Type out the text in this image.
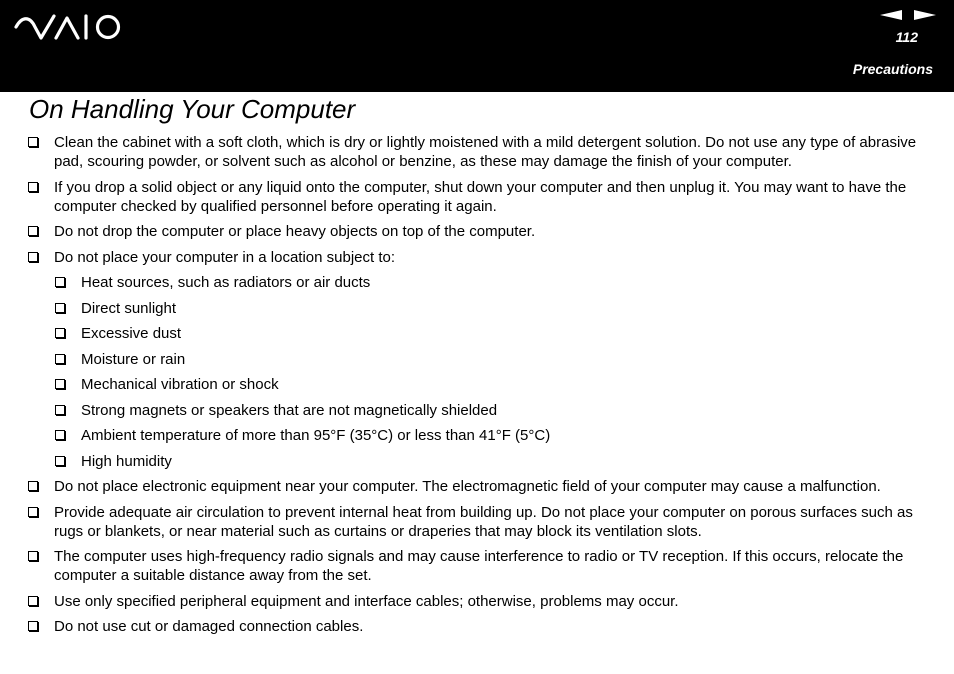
112
Precautions
On Handling Your Computer
Clean the cabinet with a soft cloth, which is dry or lightly moistened with a mild detergent solution. Do not use any type of abrasive pad, scouring powder, or solvent such as alcohol or benzine, as these may damage the finish of your computer.
If you drop a solid object or any liquid onto the computer, shut down your computer and then unplug it. You may want to have the computer checked by qualified personnel before operating it again.
Do not drop the computer or place heavy objects on top of the computer.
Do not place your computer in a location subject to:
Heat sources, such as radiators or air ducts
Direct sunlight
Excessive dust
Moisture or rain
Mechanical vibration or shock
Strong magnets or speakers that are not magnetically shielded
Ambient temperature of more than 95°F (35°C) or less than 41°F (5°C)
High humidity
Do not place electronic equipment near your computer. The electromagnetic field of your computer may cause a malfunction.
Provide adequate air circulation to prevent internal heat from building up. Do not place your computer on porous surfaces such as rugs or blankets, or near material such as curtains or draperies that may block its ventilation slots.
The computer uses high-frequency radio signals and may cause interference to radio or TV reception. If this occurs, relocate the computer a suitable distance away from the set.
Use only specified peripheral equipment and interface cables; otherwise, problems may occur.
Do not use cut or damaged connection cables.
